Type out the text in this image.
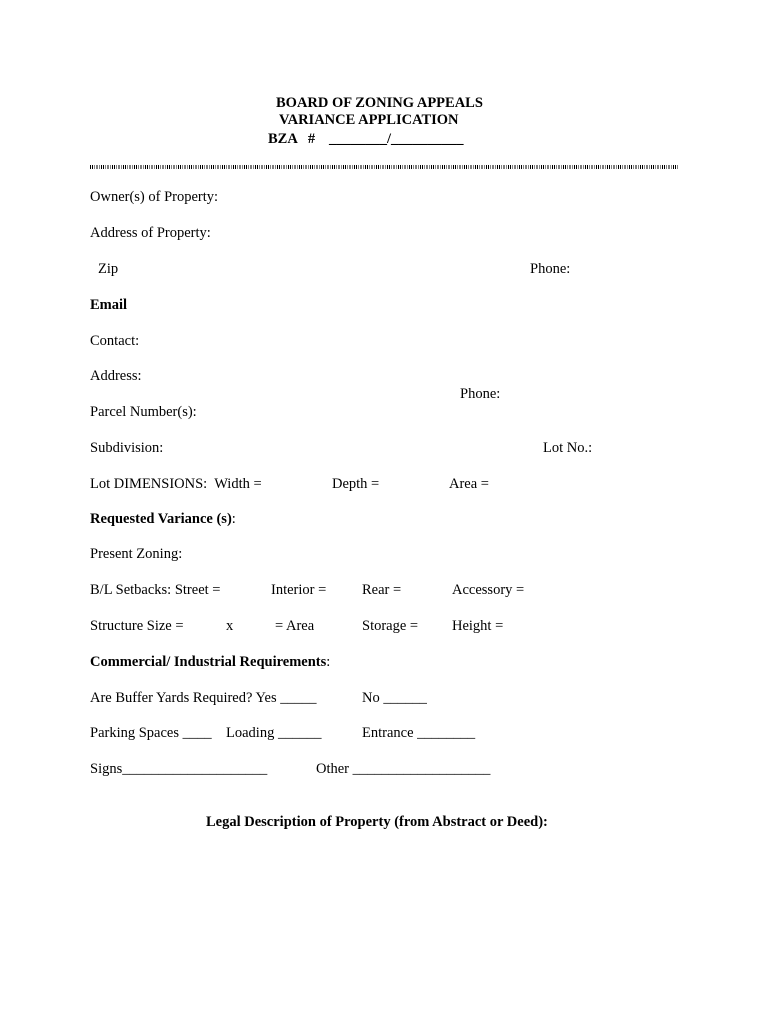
BOARD OF ZONING APPEALS
VARIANCE APPLICATION
BZA   # ________/__________
Owner(s) of Property:
Address of Property:
Zip	Phone:
Email
Contact:
Address:
Phone:
Parcel Number(s):
Subdivision:	Lot No.:
Lot DIMENSIONS:  Width =	Depth =	Area =
Requested Variance (s):
Present Zoning:
B/L Setbacks: Street =	Interior = Rear =	Accessory =
Structure Size =	x	= Area	Storage = Height =
Commercial/ Industrial Requirements:
Are Buffer Yards Required? Yes _____	No ______
Parking Spaces ____ Loading ______	Entrance ________
Signs____________________	Other ___________________
Legal Description of Property (from Abstract or Deed):
